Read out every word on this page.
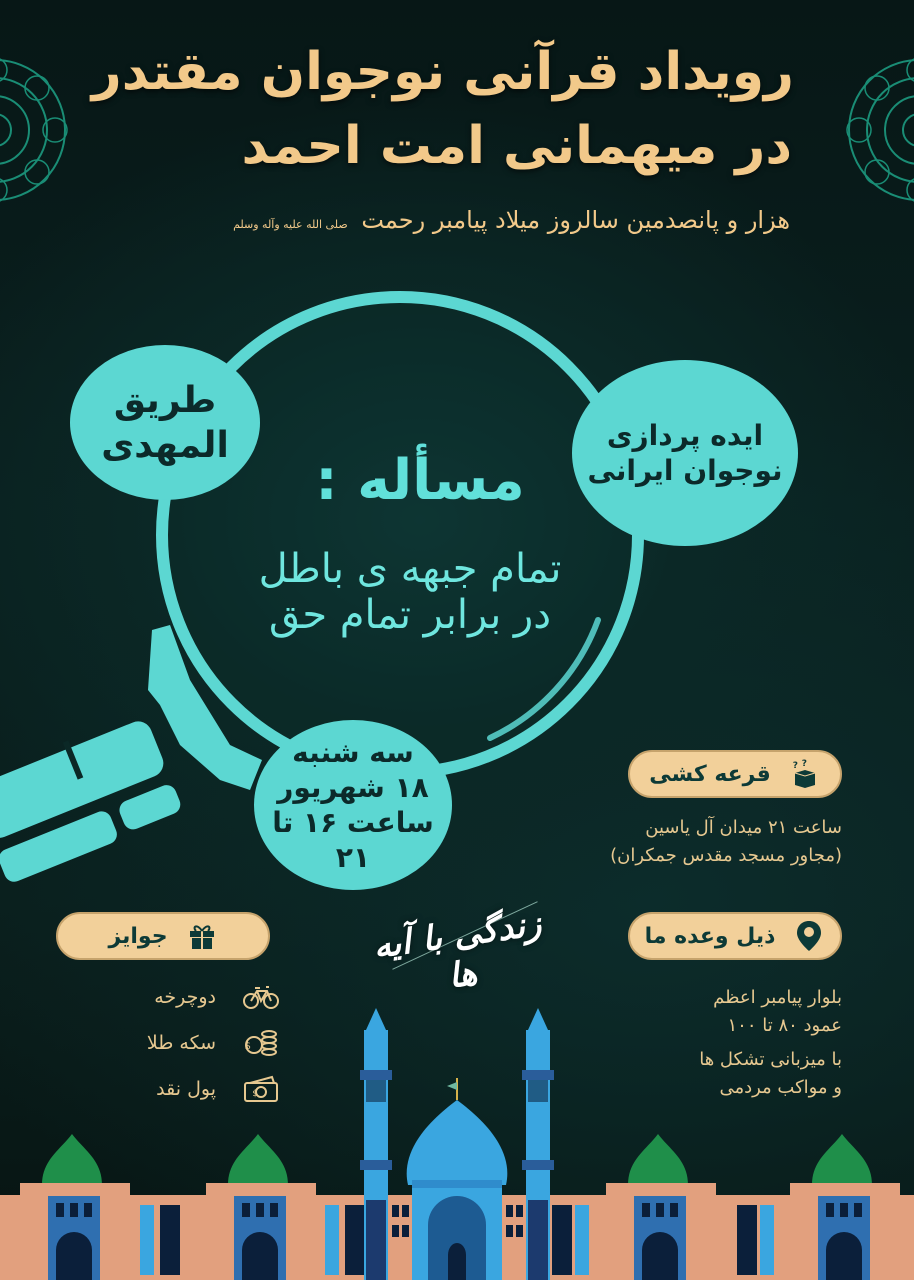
رویداد قرآنی نوجوان مقتدر
در میهمانی امت احمد
هزار و پانصدمین سالروز میلاد پیامبر رحمت صلی الله علیه وآله وسلم
طریق
المهدی	ایده پردازی
نوجوان ایرانی
سه شنبه
۱۸ شهریور
ساعت ۱۶ تا ۲۱
مسأله :
تمام جبهه ی باطل
در برابر تمام حق
? ?
قرعه کشی
ساعت ۲۱ میدان آل یاسین
(مجاور مسجد مقدس جمکران)
ذیل وعده ما
بلوار پیامبر اعظم
عمود ۸۰ تا ۱۰۰
با میزبانی تشکل ها
و مواکب مردمی
جوایز
دوچرخه
سکه طلا	$
پول نقد	$
زندگی با آیه ها
